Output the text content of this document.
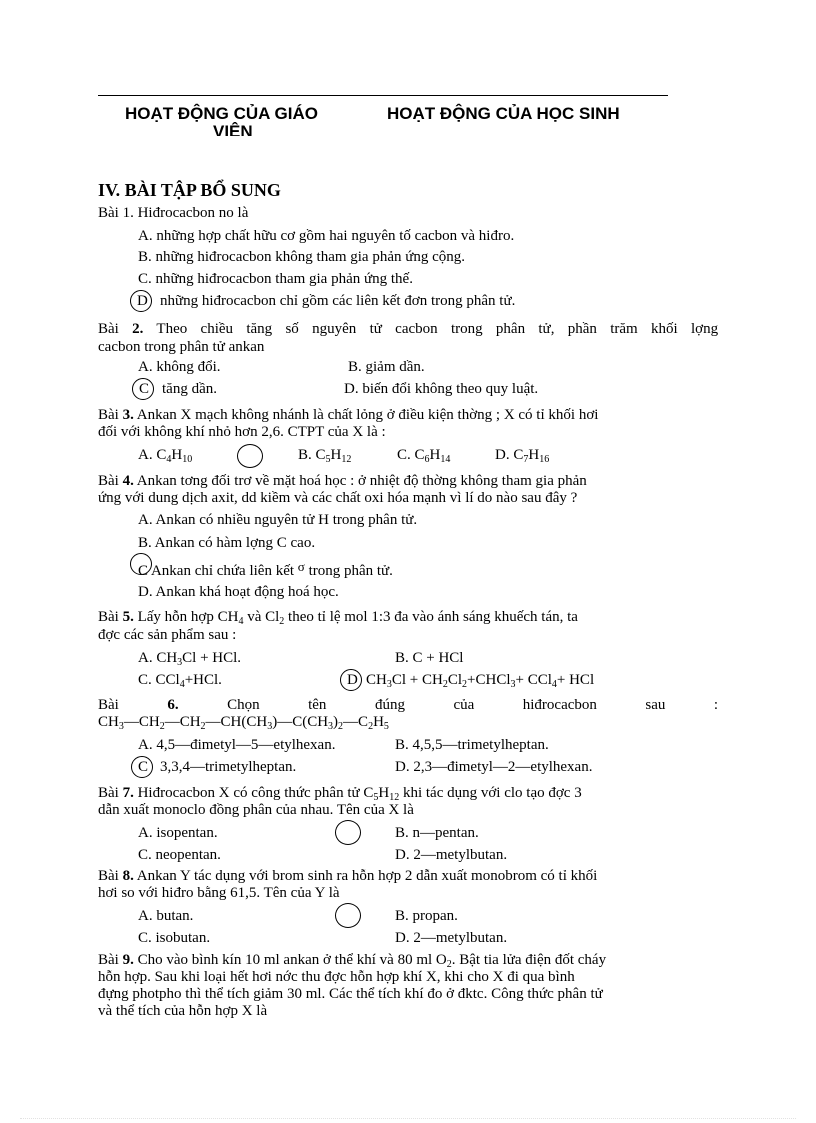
HOẠT ĐỘNG CỦA GIÁO
VIÊN
HOẠT ĐỘNG CỦA HỌC SINH
IV. BÀI TẬP BỔ SUNG
Bài 1. Hiđrocacbon no là
A. những hợp chất hữu cơ gồm hai nguyên tố cacbon và hiđro.
B. những hiđrocacbon không tham gia phản ứng cộng.
C. những hiđrocacbon tham gia phản ứng thế.
D những hiđrocacbon chỉ gồm các liên kết đơn trong phân tử.
Bài 2. Theo chiều tăng số nguyên tử cacbon trong phân tử, phần trăm khối lợng
cacbon trong phân tử ankan
A. không đổi.	B. giảm dần.
C tăng dần.	D. biến đổi không theo quy luật.
Bài 3. Ankan X mạch không nhánh là chất lỏng ở điều kiện thờng ; X có tỉ khối hơi
đối với không khí nhỏ hơn 2,6. CTPT của X là :
A. $C_4H_{10}$	B. $C_5H_{12}$	C. $C_6H_{14}$	D. $C_7H_{16}$
Bài 4. Ankan tơng đối trơ về mặt hoá học : ở nhiệt độ thờng không tham gia phản
ứng với dung dịch axit, dd kiềm và các chất oxi hóa mạnh vì lí do nào sau đây ?
A. Ankan có nhiều nguyên tử H trong phân tử.
B. Ankan có hàm lợng C cao.
C Ankan chỉ chứa liên kết σ trong phân tử.
D. Ankan khá hoạt động hoá học.
Bài 5. Lấy hỗn hợp $CH_4$ và $Cl_2$ theo tỉ lệ mol 1:3 đa vào ánh sáng khuếch tán, ta
đợc các sản phẩm sau :
A. $CH_3Cl$ + HCl.	B. C + HCl
C. CCl$_4$+HCl.	D $CH_3Cl$ + $CH_2Cl_2+CHCl_3+ CCl_4+$ HCl
Bài	6.	Chọn	tên	đúng	của	hiđrocacbon	sau	:
$CH_3—CH_2—CH_2—CH(CH_3)—C(CH_3)_2—C_2H_5$
A. 4,5—đimetyl—5—etylhexan.	B. 4,5,5—trimetylheptan.
C 3,3,4—trimetylheptan.	D. 2,3—đimetyl—2—etylhexan.
Bài 7. Hiđrocacbon X có công thức phân tử $C_5H_{12}$ khi tác dụng với clo tạo đợc 3
dẫn xuất monoclo đồng phân của nhau. Tên của X là
A. isopentan.	B. n—pentan.
C. neopentan.	D. 2—metylbutan.
Bài 8. Ankan Y tác dụng với brom sinh ra hỗn hợp 2 dẫn xuất monobrom có tỉ khối
hơi so với hiđro bằng 61,5. Tên của Y là
A. butan.	B. propan.
C. isobutan.	D. 2—metylbutan.
Bài 9. Cho vào bình kín 10 ml ankan ở thể khí và 80 ml $O_2$. Bật tia lửa điện đốt cháy
hỗn hợp. Sau khi loại hết hơi nớc thu đợc hỗn hợp khí X, khi cho X đi qua bình
đựng photpho thì thể tích giảm 30 ml. Các thể tích khí đo ở đktc. Công thức phân tử
và thể tích của hỗn hợp X là
